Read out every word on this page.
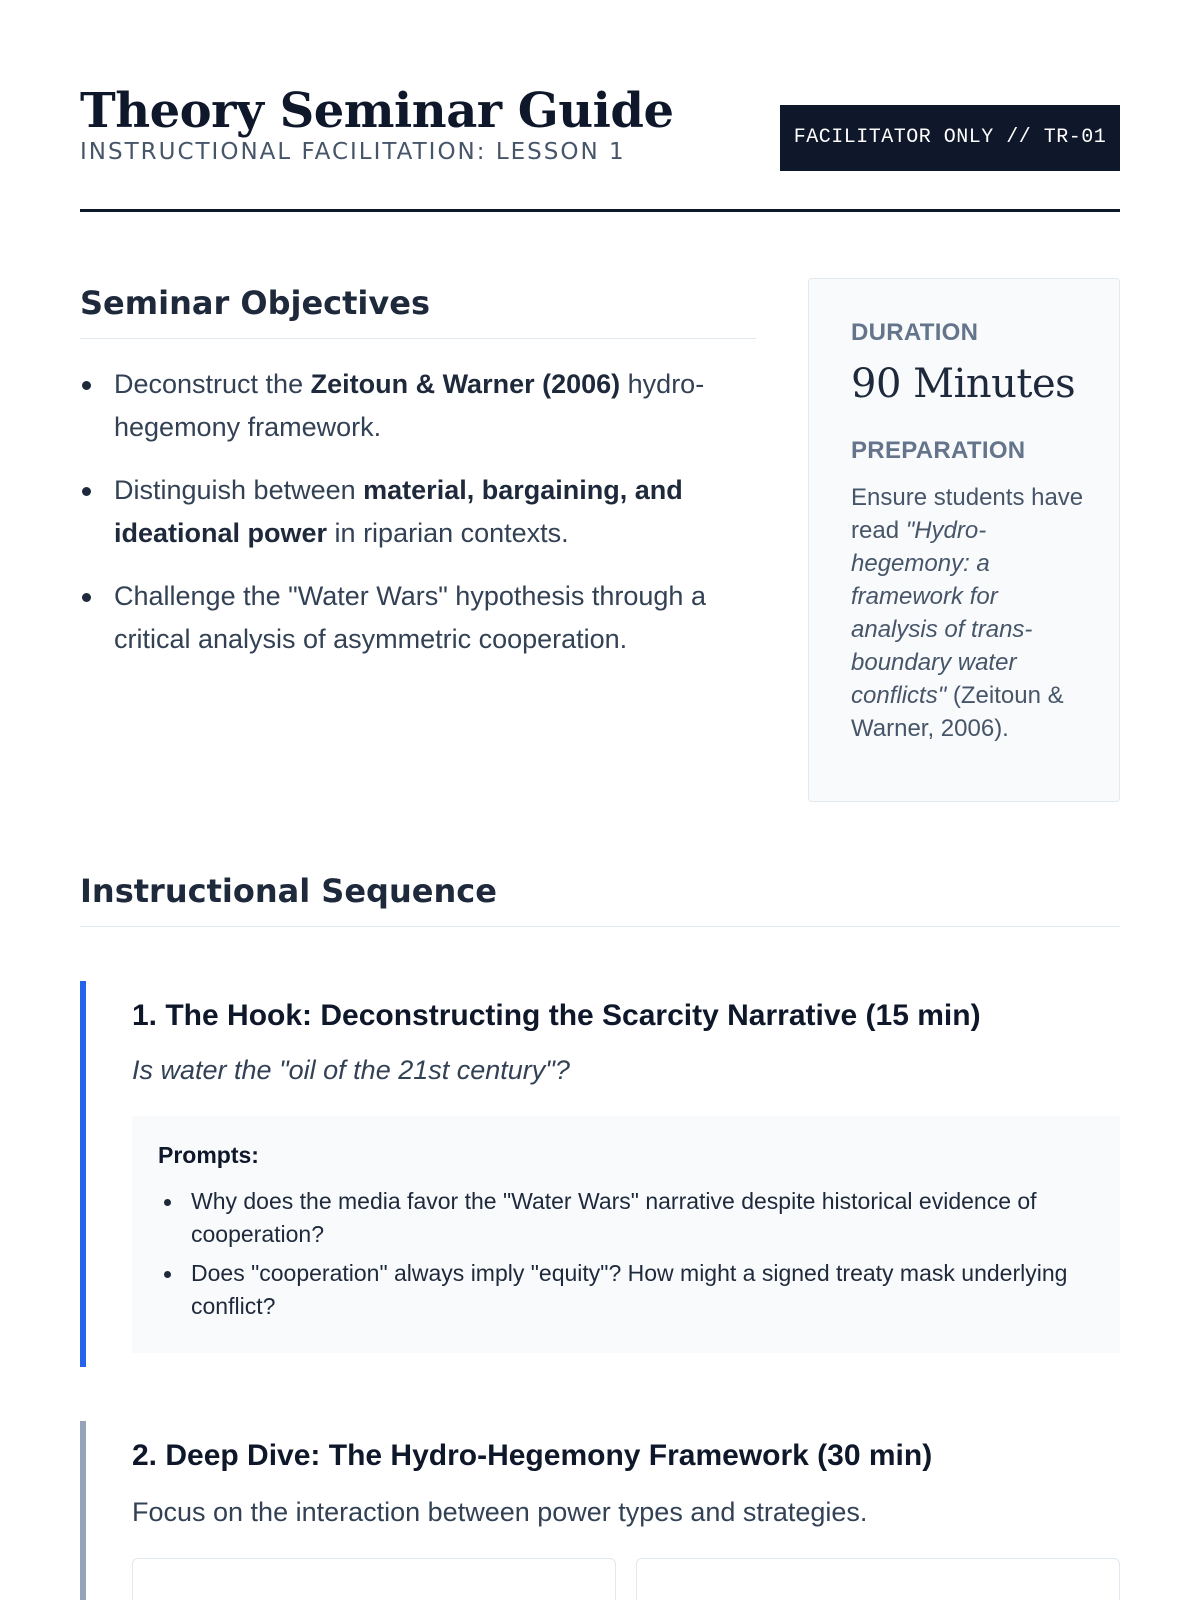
Theory Seminar Guide
INSTRUCTIONAL FACILITATION: LESSON 1
FACILITATOR ONLY // TR-01
Seminar Objectives
Deconstruct the Zeitoun & Warner (2006) hydro-hegemony framework.
Distinguish between material, bargaining, and ideational power in riparian contexts.
Challenge the "Water Wars" hypothesis through a critical analysis of asymmetric cooperation.
DURATION
90 Minutes
PREPARATION
Ensure students have read "Hydro-hegemony: a framework for analysis of trans-boundary water conflicts" (Zeitoun & Warner, 2006).
Instructional Sequence
1. The Hook: Deconstructing the Scarcity Narrative (15 min)
Is water the "oil of the 21st century"?
Prompts:
Why does the media favor the "Water Wars" narrative despite historical evidence of cooperation?
Does "cooperation" always imply "equity"? How might a signed treaty mask underlying conflict?
2. Deep Dive: The Hydro-Hegemony Framework (30 min)
Focus on the interaction between power types and strategies.
